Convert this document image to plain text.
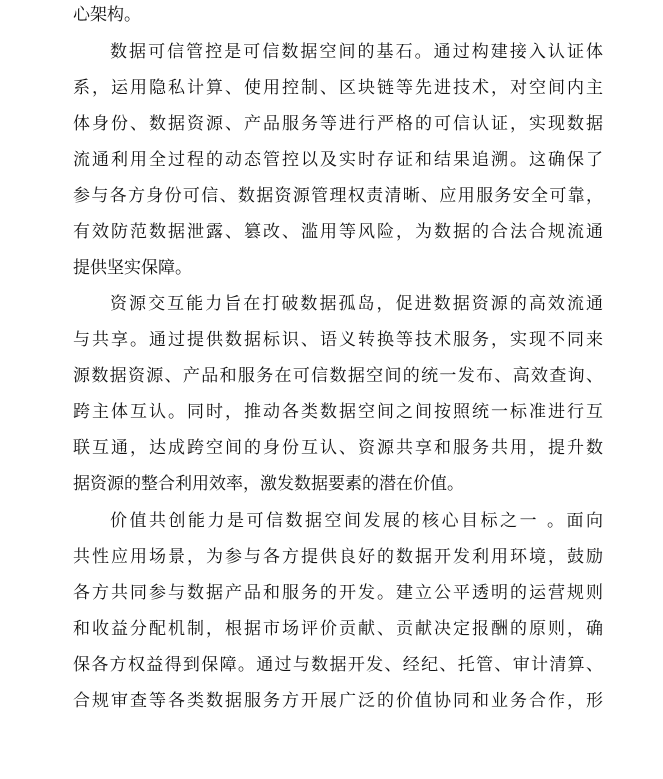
心架构。
数据可信管控是可信数据空间的基石。通过构建接入认证体
系，运用隐私计算、使用控制、区块链等先进技术，对空间内主
体身份、数据资源、产品服务等进行严格的可信认证，实现数据
流通利用全过程的动态管控以及实时存证和结果追溯。这确保了
参与各方身份可信、数据资源管理权责清晰、应用服务安全可靠，
有效防范数据泄露、篡改、滥用等风险，为数据的合法合规流通
提供坚实保障。
资源交互能力旨在打破数据孤岛，促进数据资源的高效流通
与共享。通过提供数据标识、语义转换等技术服务，实现不同来
源数据资源、产品和服务在可信数据空间的统一发布、高效查询、
跨主体互认。同时，推动各类数据空间之间按照统一标准进行互
联互通，达成跨空间的身份互认、资源共享和服务共用，提升数
据资源的整合利用效率，激发数据要素的潜在价值。
价值共创能力是可信数据空间发展的核心目标之一 。面向
共性应用场景，为参与各方提供良好的数据开发利用环境，鼓励
各方共同参与数据产品和服务的开发。建立公平透明的运营规则
和收益分配机制，根据市场评价贡献、贡献决定报酬的原则，确
保各方权益得到保障。通过与数据开发、经纪、托管、审计清算、
合规审查等各类数据服务方开展广泛的价值协同和业务合作，形
